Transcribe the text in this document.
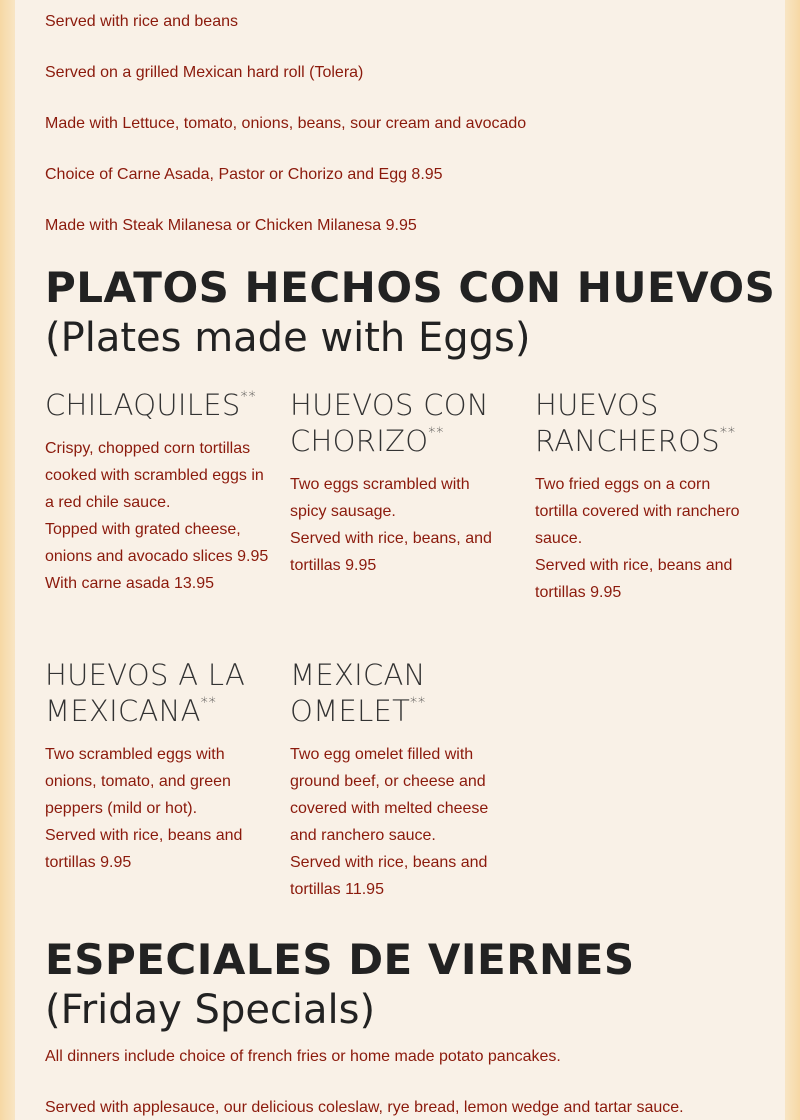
Served with rice and beans

Served on a grilled Mexican hard roll (Tolera)

Made with Lettuce, tomato, onions, beans, sour cream and avocado

Choice of Carne Asada, Pastor or Chorizo and Egg 8.95

Made with Steak Milanesa or Chicken Milanesa 9.95

PLATOS HECHOS CON HUEVOS
(Plates made with Eggs)
CHILAQUILES**
Crispy, chopped corn tortillas cooked with scrambled eggs in a red chile sauce.
Topped with grated cheese, onions and avocado slices 9.95
With carne asada 13.95
HUEVOS CON CHORIZO**
Two eggs scrambled with spicy sausage.
Served with rice, beans, and tortillas 9.95
HUEVOS RANCHEROS**
Two fried eggs on a corn tortilla covered with ranchero sauce.
Served with rice, beans and tortillas 9.95
HUEVOS A LA MEXICANA**
Two scrambled eggs with onions, tomato, and green peppers (mild or hot).
Served with rice, beans and tortillas 9.95
MEXICAN OMELET**
Two egg omelet filled with ground beef, or cheese and covered with melted cheese and ranchero sauce.
Served with rice, beans and tortillas 11.95
ESPECIALES DE VIERNES
(Friday Specials)

All dinners include choice of french fries or home made potato pancakes.

Served with applesauce, our delicious coleslaw, rye bread, lemon wedge and tartar sauce.
